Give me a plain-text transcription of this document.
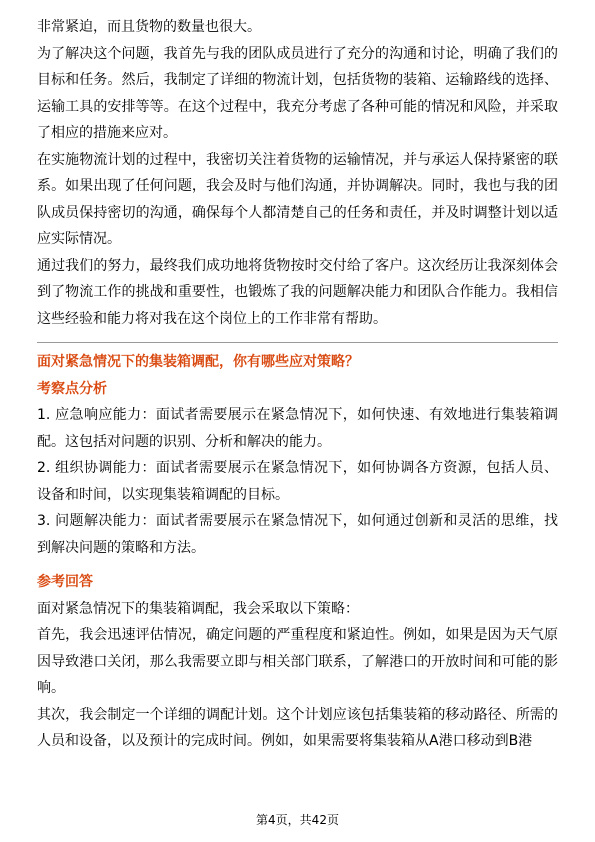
非常紧迫，而且货物的数量也很大。

为了解决这个问题，我首先与我的团队成员进行了充分的沟通和讨论，明确了我们的目标和任务。然后，我制定了详细的物流计划，包括货物的装箱、运输路线的选择、运输工具的安排等等。在这个过程中，我充分考虑了各种可能的情况和风险，并采取了相应的措施来应对。

在实施物流计划的过程中，我密切关注着货物的运输情况，并与承运人保持紧密的联系。如果出现了任何问题，我会及时与他们沟通，并协调解决。同时，我也与我的团队成员保持密切的沟通，确保每个人都清楚自己的任务和责任，并及时调整计划以适应实际情况。

通过我们的努力，最终我们成功地将货物按时交付给了客户。这次经历让我深刻体会到了物流工作的挑战和重要性，也锻炼了我的问题解决能力和团队合作能力。我相信这些经验和能力将对我在这个岗位上的工作非常有帮助。

面对紧急情况下的集装箱调配，你有哪些应对策略？

考察点分析

1. 应急响应能力：面试者需要展示在紧急情况下，如何快速、有效地进行集装箱调配。这包括对问题的识别、分析和解决的能力。

2. 组织协调能力：面试者需要展示在紧急情况下，如何协调各方资源，包括人员、设备和时间，以实现集装箱调配的目标。

3. 问题解决能力：面试者需要展示在紧急情况下，如何通过创新和灵活的思维，找到解决问题的策略和方法。

参考回答

面对紧急情况下的集装箱调配，我会采取以下策略：

首先，我会迅速评估情况，确定问题的严重程度和紧迫性。例如，如果是因为天气原因导致港口关闭，那么我需要立即与相关部门联系，了解港口的开放时间和可能的影响。

其次，我会制定一个详细的调配计划。这个计划应该包括集装箱的移动路径、所需的人员和设备，以及预计的完成时间。例如，如果需要将集装箱从A港口移动到B港

第4页，共42页
